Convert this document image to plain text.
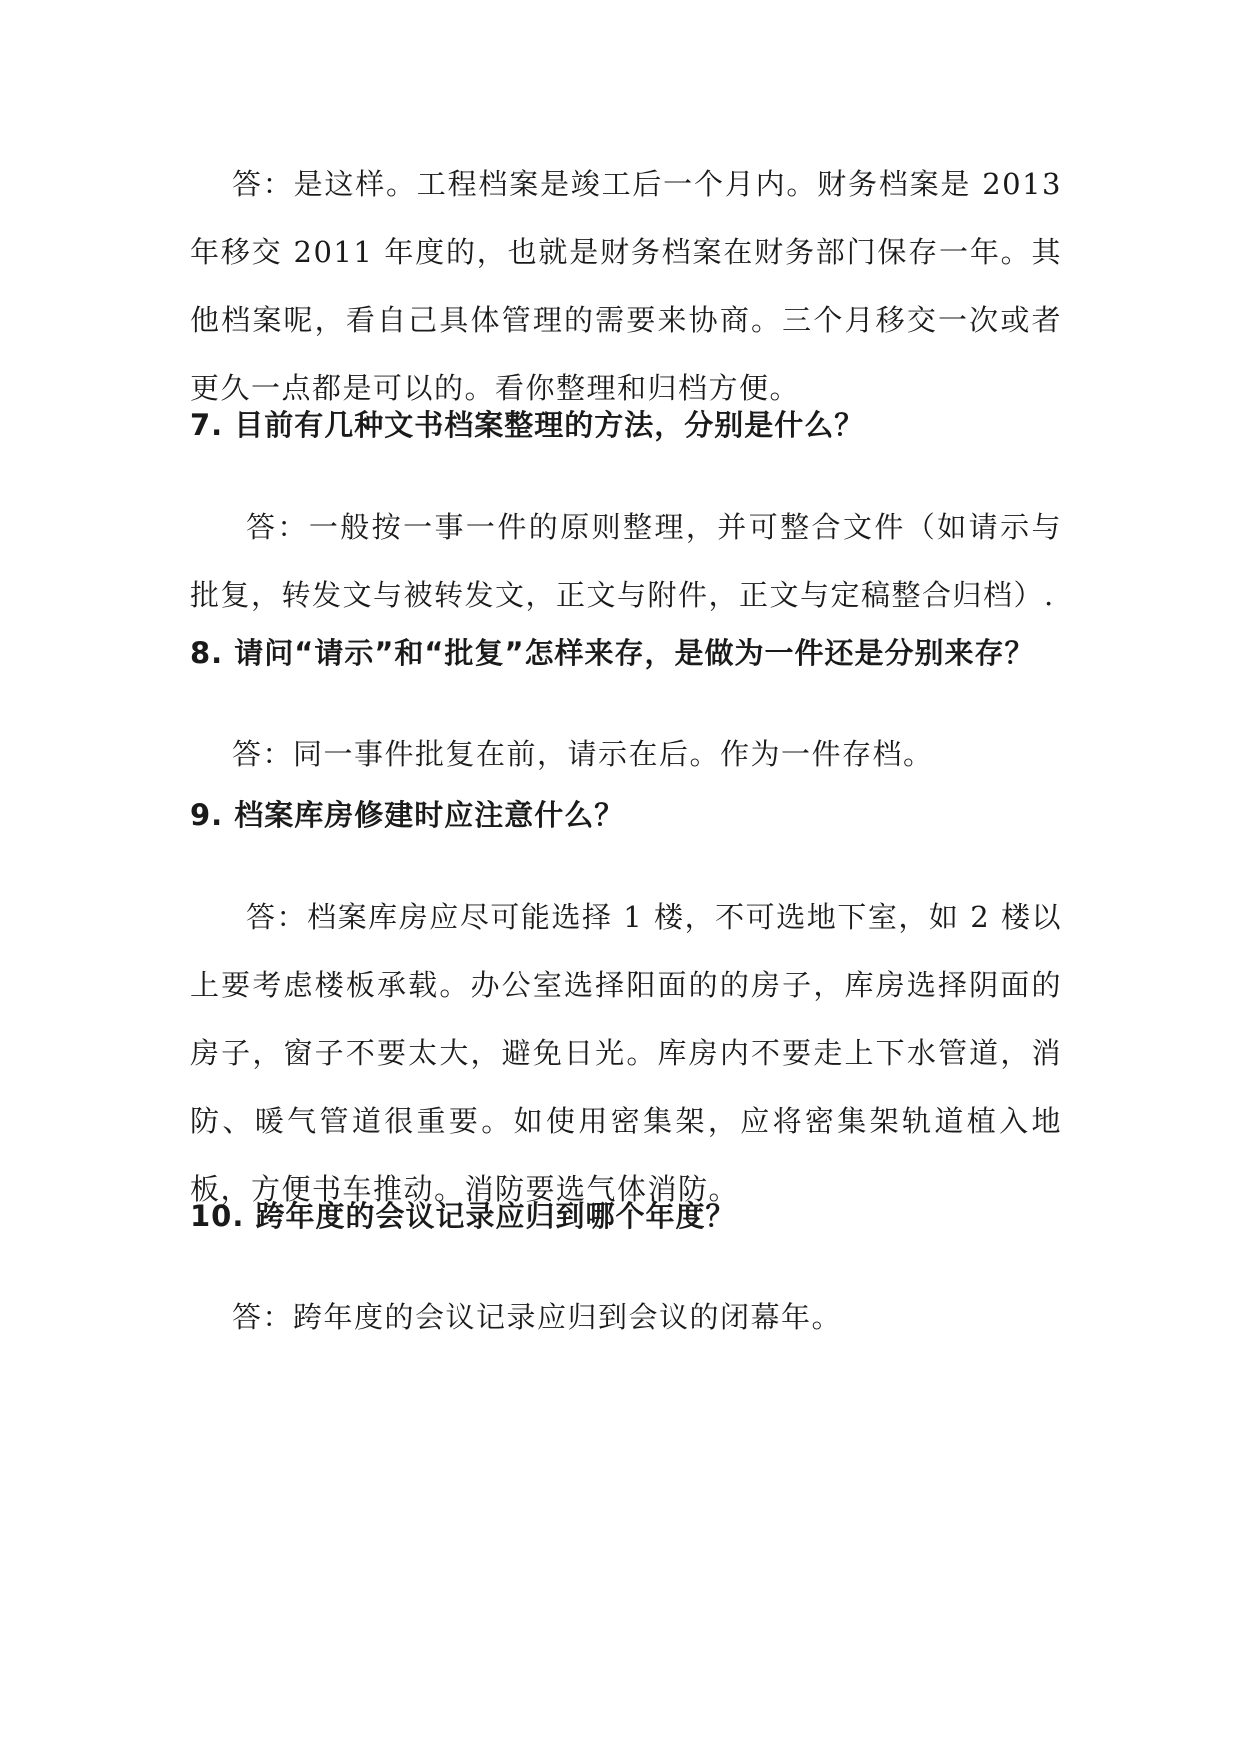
答：是这样。工程档案是竣工后一个月内。财务档案是 2013 年移交 2011 年度的，也就是财务档案在财务部门保存一年。其他档案呢，看自己具体管理的需要来协商。三个月移交一次或者更久一点都是可以的。看你整理和归档方便。

7. 目前有几种文书档案整理的方法，分别是什么？

答：一般按一事一件的原则整理，并可整合文件（如请示与批复，转发文与被转发文，正文与附件，正文与定稿整合归档）.

8. 请问“请示”和“批复”怎样来存，是做为一件还是分别来存？

答：同一事件批复在前，请示在后。作为一件存档。

9. 档案库房修建时应注意什么？

答：档案库房应尽可能选择 1 楼，不可选地下室，如 2 楼以上要考虑楼板承载。办公室选择阳面的的房子，库房选择阴面的房子，窗子不要太大，避免日光。库房内不要走上下水管道，消防、暖气管道很重要。如使用密集架，应将密集架轨道植入地板，方便书车推动。消防要选气体消防。

10. 跨年度的会议记录应归到哪个年度？

答：跨年度的会议记录应归到会议的闭幕年。
